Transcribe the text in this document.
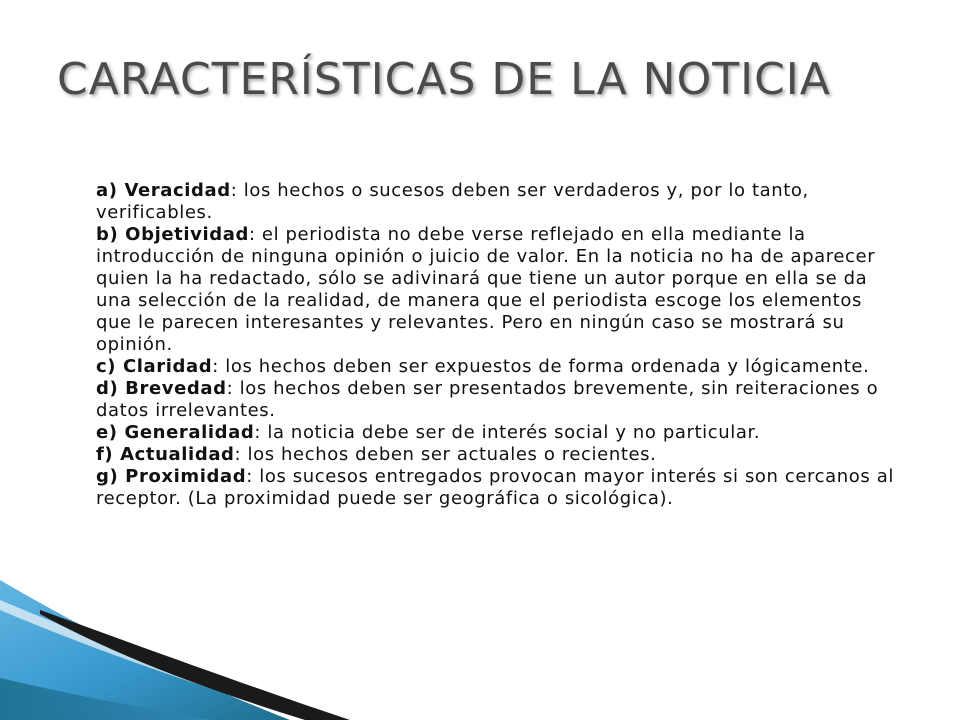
CARACTERÍSTICAS DE LA NOTICIA
a) Veracidad: los hechos o sucesos deben ser verdaderos y, por lo tanto, verificables.
b) Objetividad: el periodista no debe verse reflejado en ella mediante la introducción de ninguna opinión o juicio de valor. En la noticia no ha de aparecer quien la ha redactado, sólo se adivinará que tiene un autor porque en ella se da una selección de la realidad, de manera que el periodista escoge los elementos que le parecen interesantes y relevantes. Pero en ningún caso se mostrará su opinión.
c) Claridad: los hechos deben ser expuestos de forma ordenada y lógicamente.
d) Brevedad: los hechos deben ser presentados brevemente, sin reiteraciones o datos irrelevantes.
e) Generalidad: la noticia debe ser de interés social y no particular.
f) Actualidad: los hechos deben ser actuales o recientes.
g) Proximidad: los sucesos entregados provocan mayor interés si son cercanos al receptor. (La proximidad puede ser geográfica o sicológica).
